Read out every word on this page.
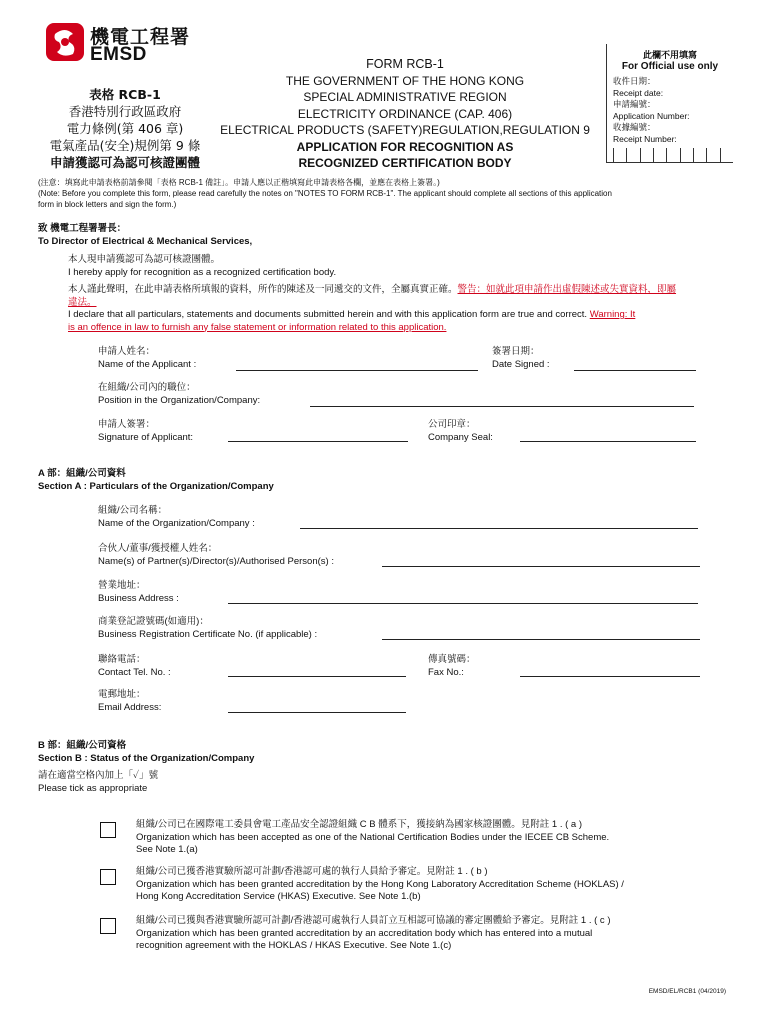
機電工程署
EMSD
表格 RCB-1
香港特別行政區政府
電力條例(第 406 章)
電氣產品(安全)規例第 9 條
申請獲認可為認可核證團體
FORM RCB-1
THE GOVERNMENT OF THE HONG KONG
SPECIAL ADMINISTRATIVE REGION
ELECTRICITY ORDINANCE (CAP. 406)
ELECTRICAL PRODUCTS (SAFETY)REGULATION,REGULATION 9
APPLICATION FOR RECOGNITION AS
RECOGNIZED CERTIFICATION BODY
此欄不用填寫
For Official use only
收件日期：
Receipt date:
申請編號：
Application Number:
收據編號：
Receipt Number:
(注意：填寫此申請表格前請參閱「表格 RCB-1 備註」。申請人應以正楷填寫此申請表格各欄，並應在表格上簽署。)
(Note: Before you complete this form, please read carefully the notes on "NOTES TO FORM RCB-1". The applicant should complete all sections of this application
form in block letters and sign the form.)
致 機電工程署署長：
To Director of Electrical & Mechanical Services,
本人現申請獲認可為認可核證團體。
I hereby apply for recognition as a recognized certification body.
本人謹此聲明，在此申請表格所填報的資料，所作的陳述及一同遞交的文件，全屬真實正確。警告：如就此項申請作出虛假陳述或失實資料，即屬
違法。
I declare that all particulars, statements and documents submitted herein and with this application form are true and correct. Warning: It
is an offence in law to furnish any false statement or information related to this application.
申請人姓名：
Name of the Applicant :
簽署日期：
Date Signed :
在組織/公司內的職位：
Position in the Organization/Company:
申請人簽署：
Signature of Applicant:
公司印章：
Company Seal:
A 部：組織/公司資料
Section A : Particulars of the Organization/Company
組織/公司名稱：
Name of the Organization/Company :
合伙人/董事/獲授權人姓名：
Name(s) of Partner(s)/Director(s)/Authorised Person(s) :
營業地址：
Business Address :
商業登記證號碼(如適用)：
Business Registration Certificate No. (if applicable) :
聯絡電話：
Contact Tel. No. :
傳真號碼：
Fax No.:
電郵地址：
Email Address:
B 部：組織/公司資格
Section B : Status of the Organization/Company
請在適當空格內加上「✓」號
Please tick as appropriate
組織/公司已在國際電工委員會電工產品安全認證組織 C B 體系下，獲接納為國家核證團體。見附註 1 . ( a )
Organization which has been accepted as one of the National Certification Bodies under the IECEE CB Scheme.
See Note 1.(a)
組織/公司已獲香港實驗所認可計劃/香港認可處的執行人員給予審定。見附註 1 . ( b )
Organization which has been granted accreditation by the Hong Kong Laboratory Accreditation Scheme (HOKLAS) /
Hong Kong Accreditation Service (HKAS) Executive. See Note 1.(b)
組織/公司已獲與香港實驗所認可計劃/香港認可處執行人員訂立互相認可協議的審定團體給予審定。見附註 1 . ( c )
Organization which has been granted accreditation by an accreditation body which has entered into a mutual
recognition agreement with the HOKLAS / HKAS Executive. See Note 1.(c)
EMSD/EL/RCB1 (04/2019)
